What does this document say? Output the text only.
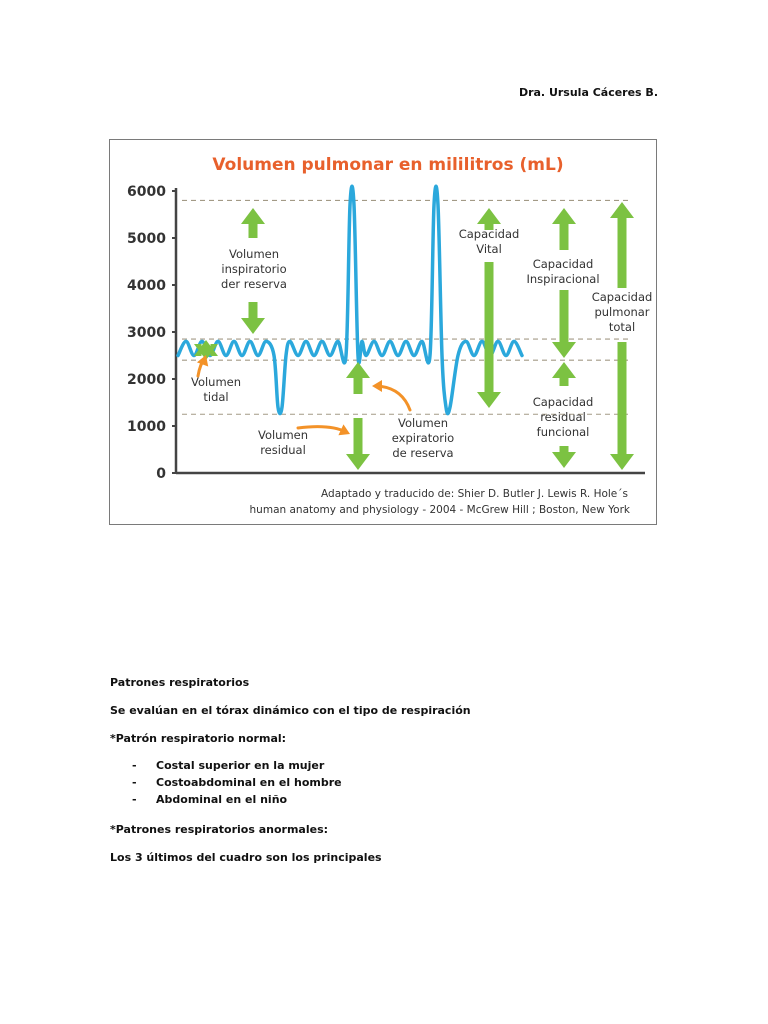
Dra. Ursula Cáceres B.
Volumen pulmonar en mililitros (mL)
0
1000
2000
3000
4000
5000
6000
Volumen
inspiratorio
der reserva
Volumen
tidal
Volumen
residual
Volumen
expiratorio
de reserva
Capacidad
Vital
Capacidad
Inspiracional
Capacidad
residual
funcional
Capacidad
pulmonar
total
Adaptado y traducido de: Shier D. Butler J. Lewis R. Hole´s
human anatomy and physiology - 2004 - McGrew Hill ; Boston, New York

Patrones respiratorios

Se evalúan en el tórax dinámico con el tipo de respiración

*Patrón respiratorio normal:

- Costal superior en la mujer
- Costoabdominal en el hombre
- Abdominal en el niño

*Patrones respiratorios anormales:

Los 3 últimos del cuadro son los principales
